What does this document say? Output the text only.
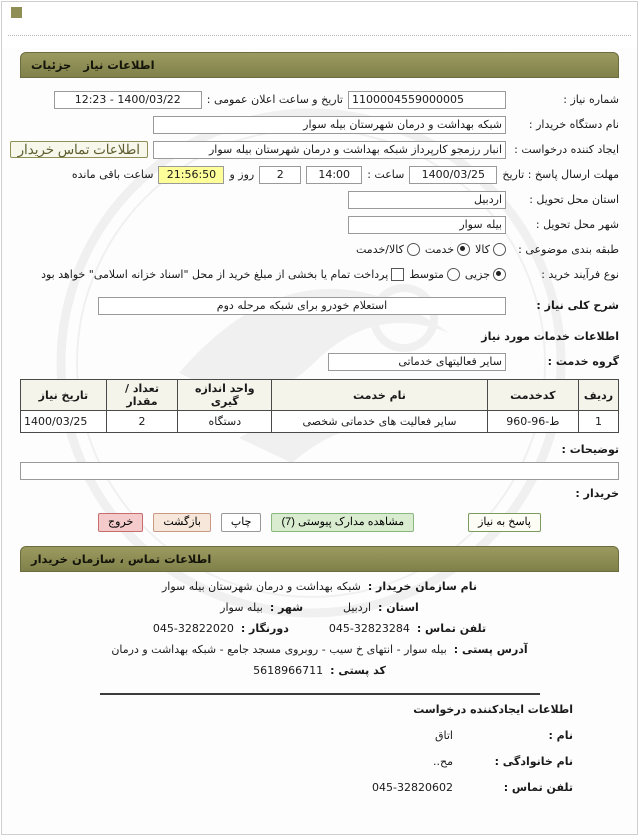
اطلاعات نیاز
جزئیات
شماره نیاز :
1100004559000005
تاریخ و ساعت اعلان عمومی :
1400/03/22 - 12:23
نام دستگاه خریدار :
شبکه بهداشت و درمان شهرستان بیله سوار
ایجاد کننده درخواست :
انبار رزمجو کارپرداز شبکه بهداشت و درمان شهرستان بیله سوار
اطلاعات تماس خریدار
مهلت ارسال پاسخ : تاریخ
1400/03/25
ساعت :
14:00
2
روز و
21:56:50
ساعت باقی مانده
استان محل تحویل :
اردبیل
شهر محل تحویل :
بیله سوار
طبقه بندی موضوعی :
کالا
خدمت
کالا/خدمت
نوع فرآیند خرید :
جزیی
متوسط
پرداخت تمام یا بخشی از مبلغ خرید از محل "اسناد خزانه اسلامی" خواهد بود
شرح کلی نیاز :
استعلام خودرو برای شبکه مرحله دوم
اطلاعات خدمات مورد نیاز
گروه خدمت :
سایر فعالیتهای خدماتی
ردیف	کدخدمت	نام خدمت	واحد اندازه گیری	تعداد / مقدار	تاریخ نیاز
1	ط-96-960	سایر فعالیت های خدماتی شخصی	دستگاه	2	1400/03/25
توضیحات :
خریدار :
پاسخ به نیاز
مشاهده مدارک پیوستی (7)
چاپ
بازگشت
خروج
اطلاعات تماس ، سازمان خریدار
نام سازمان خریدار :
شبکه بهداشت و درمان شهرستان بیله سوار
استان :
اردبیل
شهر :
بیله سوار
تلفن تماس :
045-32823284
دورنگار :
045-32822020
آدرس پستی :
بیله سوار - انتهای خ سیب - روبروی مسجد جامع - شبکه بهداشت و درمان
کد پستی :
5618966711
اطلاعات ایجادکننده درخواست
نام :
اتاق
نام خانوادگی :
مح..
تلفن تماس :
045-32820602
